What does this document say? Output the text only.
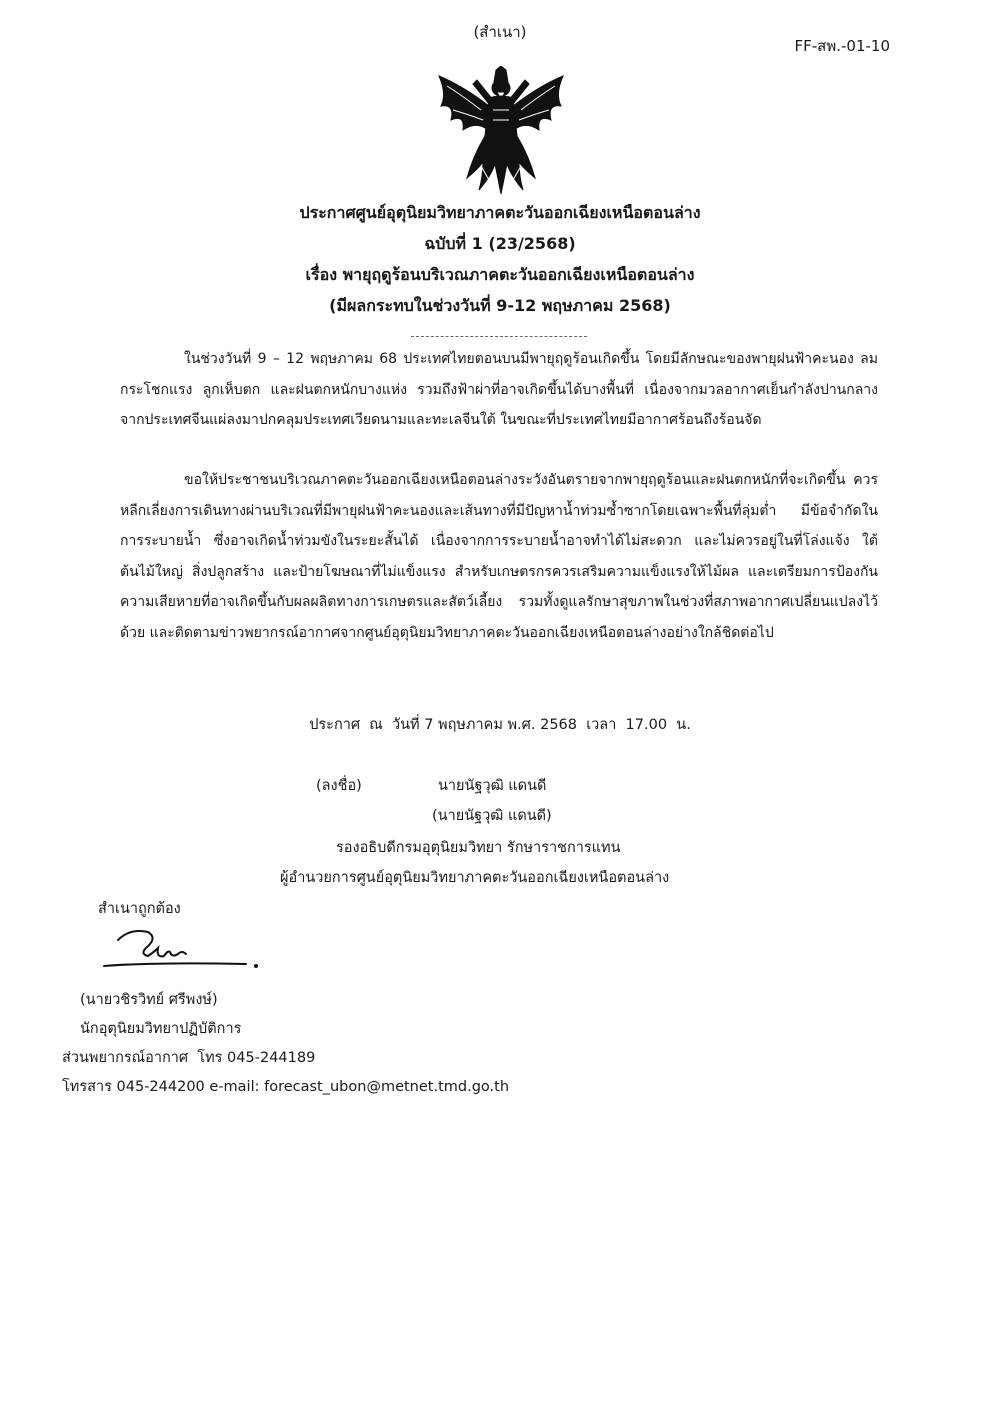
(สำเนา)
FF-สพ.-01-10
ประกาศศูนย์อุตุนิยมวิทยาภาคตะวันออกเฉียงเหนือตอนล่าง
ฉบับที่ 1 (23/2568)
เรื่อง พายุฤดูร้อนบริเวณภาคตะวันออกเฉียงเหนือตอนล่าง
(มีผลกระทบในช่วงวันที่ 9-12 พฤษภาคม 2568)

ในช่วงวันที่ 9 – 12 พฤษภาคม 68 ประเทศไทยตอนบนมีพายุฤดูร้อนเกิดขึ้น โดยมีลักษณะของพายุฝนฟ้าคะนอง ลมกระโชกแรง ลูกเห็บตก และฝนตกหนักบางแห่ง รวมถึงฟ้าผ่าที่อาจเกิดขึ้นได้บางพื้นที่ เนื่องจากมวลอากาศเย็นกำลังปานกลางจากประเทศจีนแผ่ลงมาปกคลุมประเทศเวียดนามและทะเลจีนใต้ ในขณะที่ประเทศไทยมีอากาศร้อนถึงร้อนจัด

ขอให้ประชาชนบริเวณภาคตะวันออกเฉียงเหนือตอนล่างระวังอันตรายจากพายุฤดูร้อนและฝนตกหนักที่จะเกิดขึ้น ควรหลีกเลี่ยงการเดินทางผ่านบริเวณที่มีพายุฝนฟ้าคะนองและเส้นทางที่มีปัญหาน้ำท่วมซ้ำซากโดยเฉพาะพื้นที่ลุ่มต่ำ มีข้อจำกัดในการระบายน้ำ ซึ่งอาจเกิดน้ำท่วมขังในระยะสั้นได้ เนื่องจากการระบายน้ำอาจทำได้ไม่สะดวก และไม่ควรอยู่ในที่โล่งแจ้ง ใต้ต้นไม้ใหญ่ สิ่งปลูกสร้าง และป้ายโฆษณาที่ไม่แข็งแรง สำหรับเกษตรกรควรเสริมความแข็งแรงให้ไม้ผล และเตรียมการป้องกันความเสียหายที่อาจเกิดขึ้นกับผลผลิตทางการเกษตรและสัตว์เลี้ยง รวมทั้งดูแลรักษาสุขภาพในช่วงที่สภาพอากาศเปลี่ยนแปลงไว้ด้วย และติดตามข่าวพยากรณ์อากาศจากศูนย์อุตุนิยมวิทยาภาคตะวันออกเฉียงเหนือตอนล่างอย่างใกล้ชิดต่อไป

ประกาศ  ณ  วันที่ 7 พฤษภาคม พ.ศ. 2568  เวลา  17.00  น.
(ลงชื่อ)	นายนัฐวุฒิ แดนดี
(นายนัฐวุฒิ แดนดี)
รองอธิบดีกรมอุตุนิยมวิทยา รักษาราชการแทน
ผู้อำนวยการศูนย์อุตุนิยมวิทยาภาคตะวันออกเฉียงเหนือตอนล่าง
สำเนาถูกต้อง
(นายวชิรวิทย์ ศรีพงษ์)
นักอุตุนิยมวิทยาปฏิบัติการ
ส่วนพยากรณ์อากาศ  โทร 045-244189
โทรสาร 045-244200 e-mail: forecast_ubon@metnet.tmd.go.th
